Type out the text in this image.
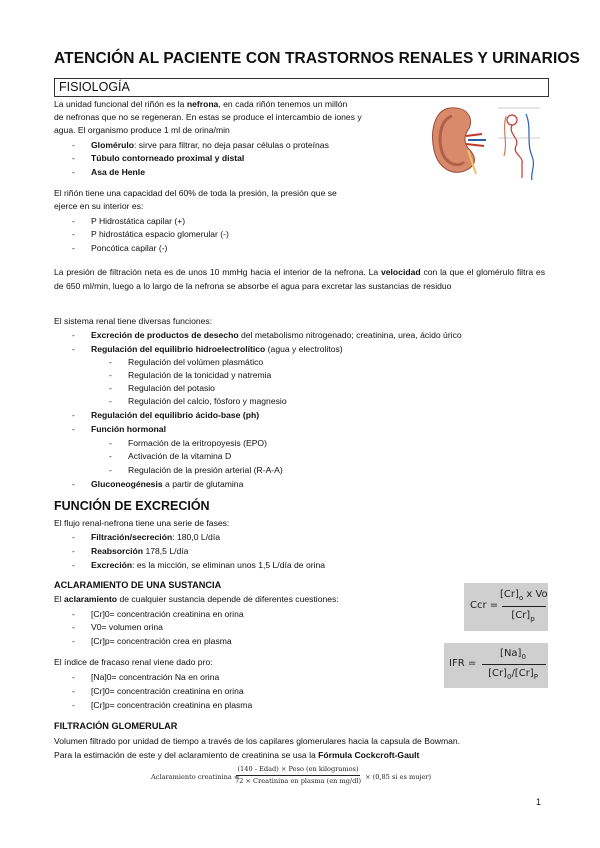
ATENCIÓN AL PACIENTE CON TRASTORNOS RENALES Y URINARIOS
FISIOLOGÍA
La unidad funcional del riñón es la nefrona, en cada riñón tenemos un millón
de nefronas que no se regeneran. En estas se produce el intercambio de iones y
agua. El organismo produce 1 ml de orina/min
- Glomérulo: sirve para filtrar, no deja pasar células o proteínas
- Túbulo contorneado proximal y distal
- Asa de Henle
El riñón tiene una capacidad del 60% de toda la presión, la presión que se
ejerce en su interior es:
- P Hidrostática capilar (+)
- P hidrostática espacio glomerular (-)
- Poncótica capilar (-)
La presión de filtración neta es de unos 10 mmHg hacia el interior de la nefrona. La velocidad con la que el glomérulo filtra es de 650 ml/min, luego a lo largo de la nefrona se absorbe el agua para excretar las sustancias de residuo
El sistema renal tiene diversas funciones:
- Excreción de productos de desecho del metabolismo nitrogenado; creatinina, urea, ácido úrico
- Regulación del equilibrio hidroelectrolítico (agua y electrolitos)
- Regulación del volúmen plasmático
- Regulación de la tonicidad y natremia
- Regulación del potasio
- Regulación del calcio, fósforo y magnesio
- Regulación del equilibrio ácido-base (ph)
- Función hormonal
- Formación de la eritropoyesis (EPO)
- Activación de la vitamina D
- Regulación de la presión arterial (R-A-A)
- Gluconeogénesis a partir de glutamina
FUNCIÓN DE EXCRECIÓN
El flujo renal-nefrona tiene una serie de fases:
- Filtración/secreción: 180,0 L/día
- Reabsorción 178,5 L/día
- Excreción: es la micción, se eliminan unos 1,5 L/día de orina
ACLARAMIENTO DE UNA SUSTANCIA
El aclaramiento de cualquier sustancia depende de diferentes cuestiones:
- [Cr]0= concentración creatinina en orina
- V0= volumen orina
- [Cr]p= concentración crea en plasma
Ccr =
$[Cr]_o$ x Vo
$[Cr]_p$
El índice de fracaso renal viene dado pro:
- [Na]0= concentración Na en orina
- [Cr]0= concentración creatinina en orina
- [Cr]p= concentración creatinina en plasma
IFR =
$[Na]_0$
$[Cr]_0/[Cr]_P$
FILTRACIÓN GLOMERULAR
Volumen filtrado por unidad de tiempo a través de los capilares glomerulares hacia la capsula de Bowman.
Para la estimación de este y del aclaramiento de creatinina se usa la Fórmula Cockcroft-Gault
Aclaramiento creatinina =
(140 - Edad) × Peso (en kilogramos)
72 × Creatinina en plasma (en mg/dl) × (0,85 si es mujer)
1
